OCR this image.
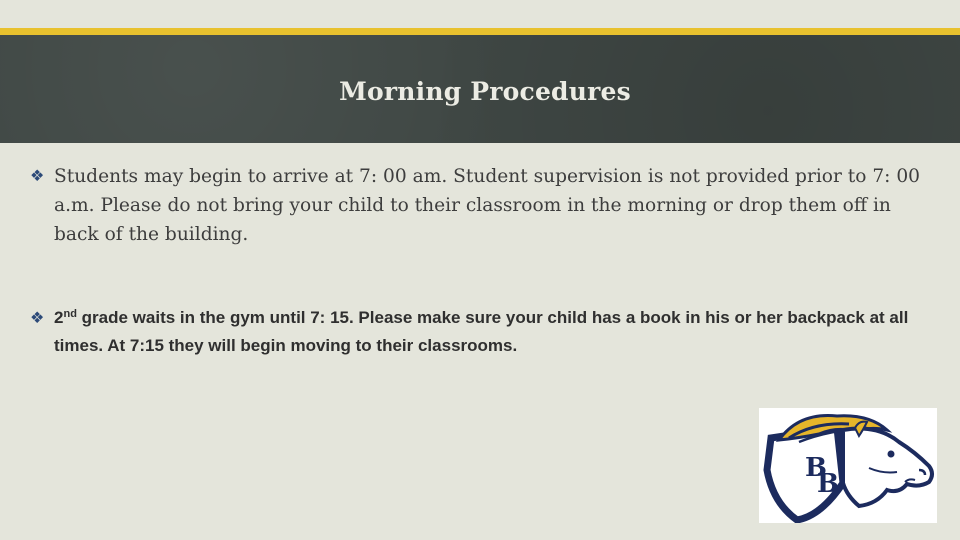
Morning Procedures
❖ Students may begin to arrive at 7: 00 am. Student supervision is not provided prior to 7: 00 a.m. Please do not bring your child to their classroom in the morning or drop them off in back of the building.
❖ 2nd grade waits in the gym until 7: 15. Please make sure your child has a book in his or her backpack at all times. At 7:15 they will begin moving to their classrooms.
B
B
